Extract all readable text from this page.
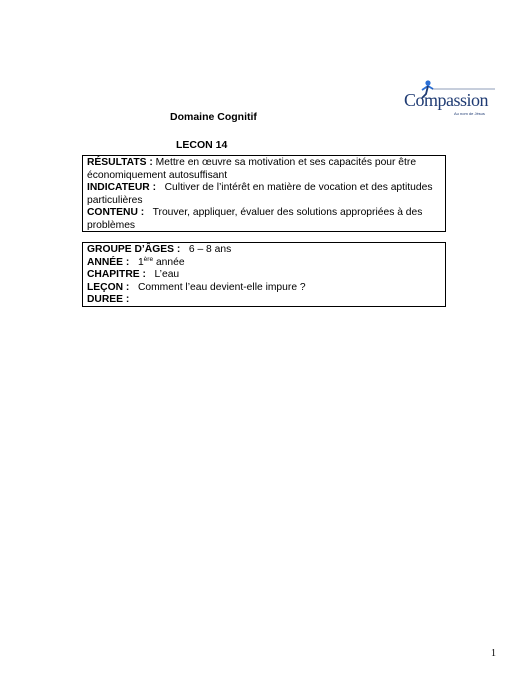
Compassion
Au nom de Jésus
Domaine Cognitif
LECON 14
RÉSULTATS : Mettre en œuvre sa motivation et ses capacités pour être économiquement autosuffisant
INDICATEUR : Cultiver de l’intérêt en matière de vocation et des aptitudes particulières
CONTENU : Trouver, appliquer, évaluer des solutions appropriées à des problèmes
GROUPE D’ÂGES : 6 – 8 ans
ANNÉE : 1ère année
CHAPITRE : L’eau
LEÇON : Comment l’eau devient-elle impure ?
DUREE :
1
